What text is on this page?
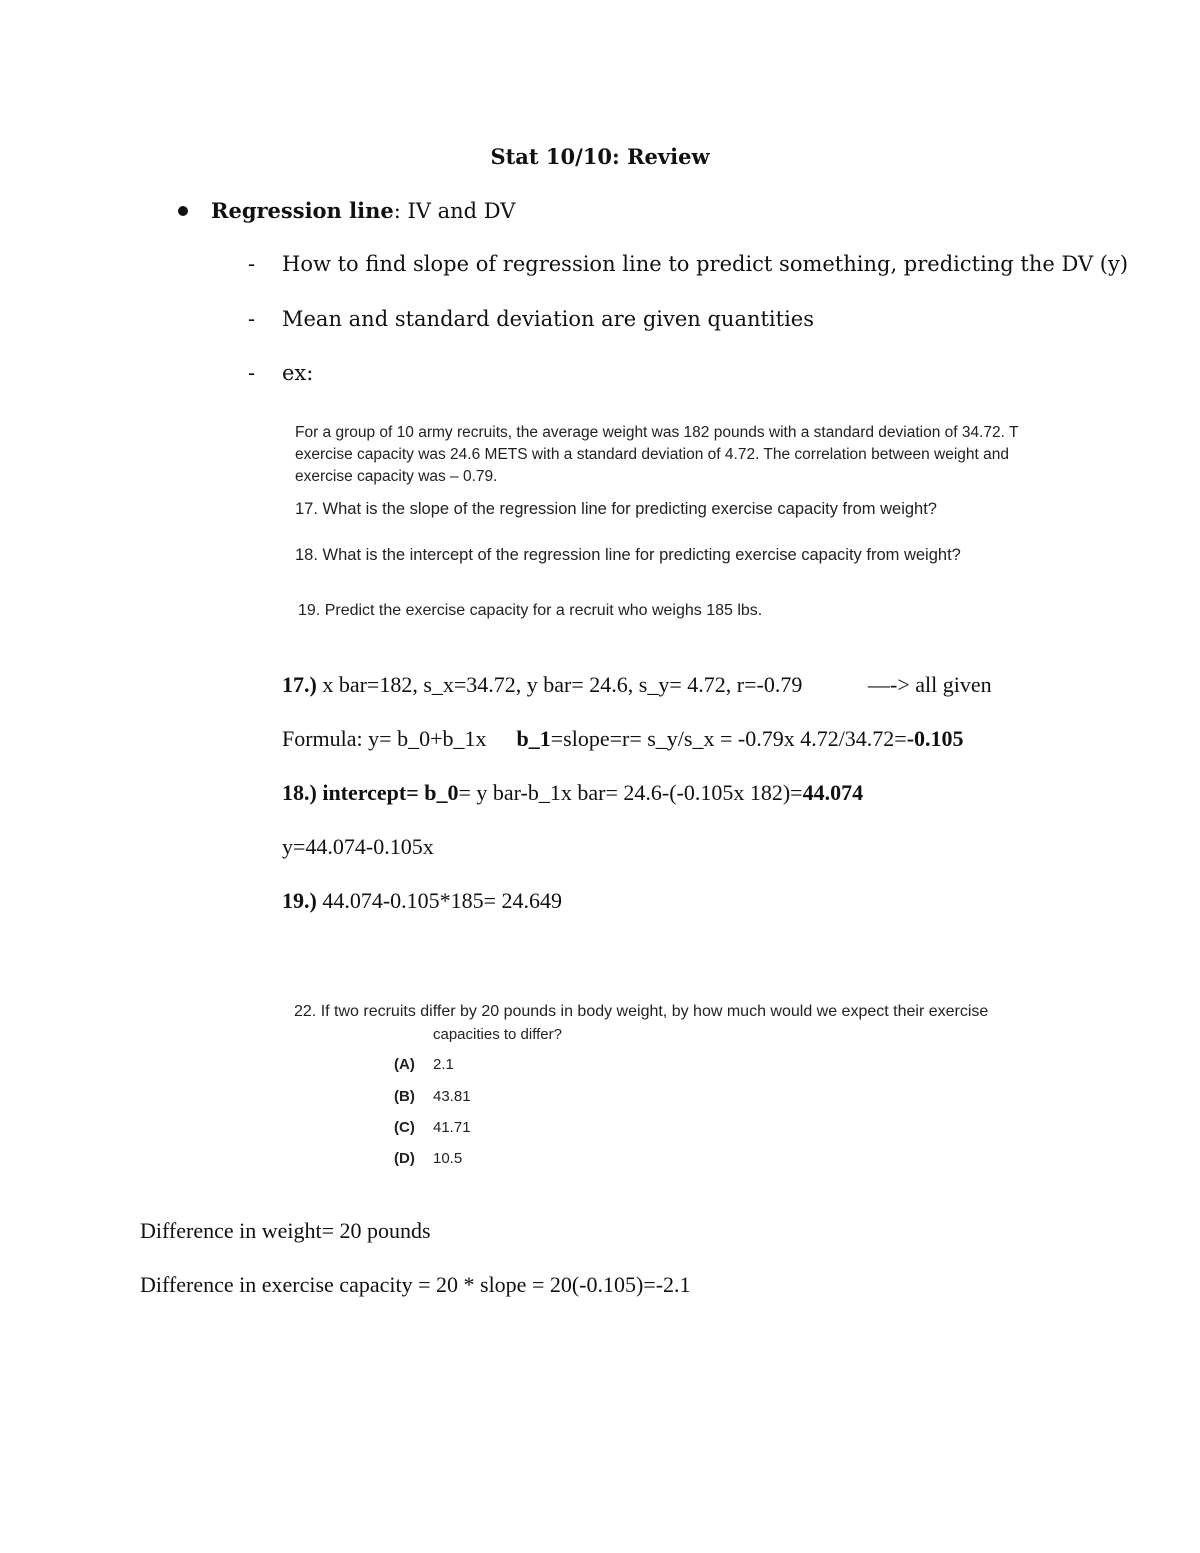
Stat 10/10: Review
Regression line: IV and DV
- How to find slope of regression line to predict something, predicting the DV (y)
- Mean and standard deviation are given quantities
- ex:
For a group of 10 army recruits, the average weight was 182 pounds with a standard deviation of 34.72. T
exercise capacity was 24.6 METS with a standard deviation of 4.72. The correlation between weight and
exercise capacity was – 0.79.
17. What is the slope of the regression line for predicting exercise capacity from weight?
18. What is the intercept of the regression line for predicting exercise capacity from weight?
19. Predict the exercise capacity for a recruit who weighs 185 lbs.
17.) x bar=182, s_x=34.72, y bar= 24.6, s_y= 4.72, r=-0.79	—-> all given
Formula: y= b_0+b_1x b_1=slope=r= s_y/s_x = -0.79x 4.72/34.72=-0.105
18.) intercept= b_0= y bar-b_1x bar= 24.6-(-0.105x 182)=44.074
y=44.074-0.105x
19.) 44.074-0.105*185= 24.649
22. If two recruits differ by 20 pounds in body weight, by how much would we expect their exercise
capacities to differ?
(A) 2.1
(B) 43.81
(C) 41.71
(D) 10.5
Difference in weight= 20 pounds
Difference in exercise capacity = 20 * slope = 20(-0.105)=-2.1
